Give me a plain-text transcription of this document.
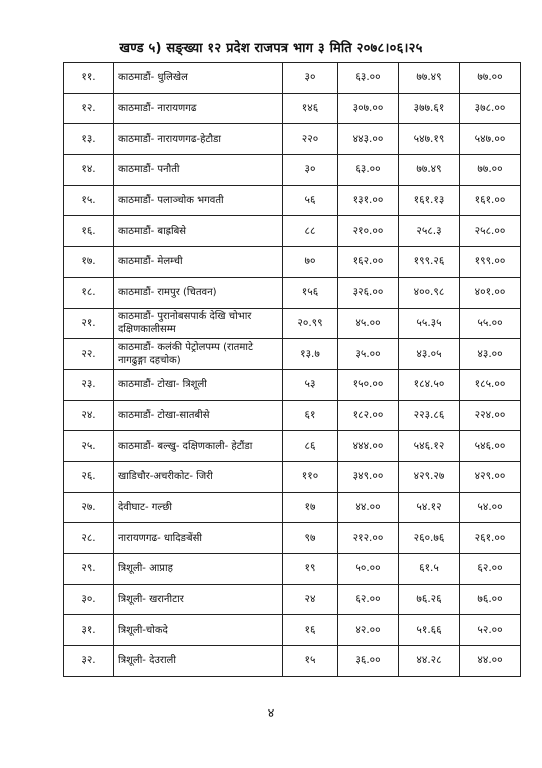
खण्ड ५) सङ्ख्या १२ प्रदेश राजपत्र भाग ३ मिति २०७८।०६।२५
११.	काठमाडौं- धुलिखेल	३०	६३.००	७७.४९	७७.००
१२.	काठमाडौं- नारायणगढ	१४६	३०७.००	३७७.६१	३७८.००
१३.	काठमाडौं- नारायणगढ-हेटौडा	२२०	४४३.००	५४७.१९	५४७.००
१४.	काठमाडौं- पनौती	३०	६३.००	७७.४९	७७.००
१५.	काठमाडौं- पलाञ्चोक भगवती	५६	१३१.००	१६१.१३	१६१.००
१६.	काठमाडौं- बाह्रबिसे	८८	२१०.००	२५८.३	२५८.००
१७.	काठमाडौं- मेलम्ची	७०	१६२.००	१९९.२६	१९९.००
१८.	काठमाडौं- रामपुर (चितवन)	१५६	३२६.००	४००.९८	४०१.००
२१.	काठमाडौं- पुरानोबसपार्क देखि चोभार दक्षिणकालीसम्म	२०.९९	४५.००	५५.३५	५५.००
२२.	काठमाडौं- कलंकी पेट्रोलपम्प (रातमाटे नागढुङ्गा दहचोक)	१३.७	३५.००	४३.०५	४३.००
२३.	काठमाडौं- टोखा- त्रिशूली	५३	१५०.००	१८४.५०	१८५.००
२४.	काठमाडौं- टोखा-सातबीसे	६१	१८२.००	२२३.८६	२२४.००
२५.	काठमाडौं- बल्खु- दक्षिणकाली- हेटौंडा	८६	४४४.००	५४६.१२	५४६.००
२६.	खाडिचौर-अचरीकोट- जिरी	११०	३४९.००	४२९.२७	४२९.००
२७.	देवीघाट- गल्छी	१७	४४.००	५४.१२	५४.००
२८.	नारायणगढ- धादिङबेंसी	९७	२१२.००	२६०.७६	२६१.००
२९.	त्रिशूली- आप्राह	१९	५०.००	६१.५	६२.००
३०.	त्रिशूली- खरानीटार	२४	६२.००	७६.२६	७६.००
३१.	त्रिशूली-चोकदे	१६	४२.००	५१.६६	५२.००
३२.	त्रिशूली- देउराली	१५	३६.००	४४.२८	४४.००
४
